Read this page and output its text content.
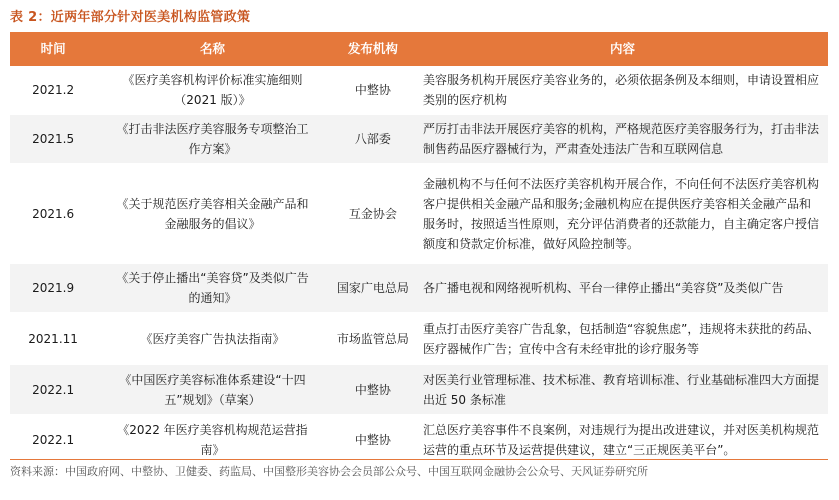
表 2：近两年部分针对医美机构监管政策
时间	名称	发布机构	内容
2021.2	《医疗美容机构评价标准实施细则（2021 版）》	中整协	美容服务机构开展医疗美容业务的，必须依据条例及本细则，申请设置相应类别的医疗机构
2021.5	《打击非法医疗美容服务专项整治工作方案》	八部委	严厉打击非法开展医疗美容的机构，严格规范医疗美容服务行为，打击非法制售药品医疗器械行为，严肃查处违法广告和互联网信息
2021.6	《关于规范医疗美容相关金融产品和金融服务的倡议》	互金协会	金融机构不与任何不法医疗美容机构开展合作，不向任何不法医疗美容机构客户提供相关金融产品和服务;金融机构应在提供医疗美容相关金融产品和服务时，按照适当性原则，充分评估消费者的还款能力，自主确定客户授信额度和贷款定价标准，做好风险控制等。
2021.9	《关于停止播出“美容贷”及类似广告的通知》	国家广电总局	各广播电视和网络视听机构、平台一律停止播出“美容贷”及类似广告
2021.11	《医疗美容广告执法指南》	市场监管总局	重点打击医疗美容广告乱象，包括制造“容貌焦虑”，违规将未获批的药品、医疗器械作广告；宣传中含有未经审批的诊疗服务等
2022.1	《中国医疗美容标准体系建设“十四五”规划》（草案）	中整协	对医美行业管理标准、技术标准、教育培训标准、行业基础标准四大方面提出近 50 条标准
2022.1	《2022 年医疗美容机构规范运营指南》	中整协	汇总医疗美容事件不良案例，对违规行为提出改进建议，并对医美机构规范运营的重点环节及运营提供建议，建立“三正规医美平台”。
资料来源：中国政府网、中整协、卫健委、药监局、中国整形美容协会会员部公众号、中国互联网金融协会公众号、天风证券研究所
